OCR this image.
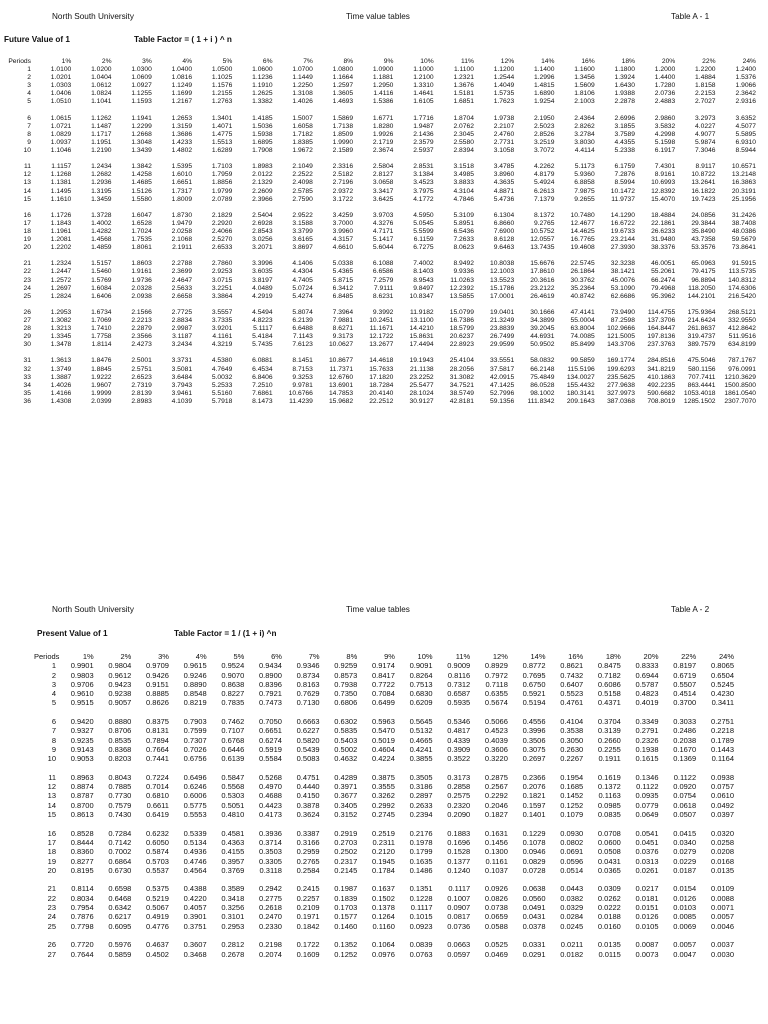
North South University	Time value tables	Table A - 1
Future Value of 1	Table Factor = ( 1 + i ) ^ n
Periods	1%	2%	3%	4%	5%	6%	7%	8%	9%	10%	11%	12%	14%	16%	18%	20%	22%	24%
1	1.0100	1.0200	1.0300	1.0400	1.0500	1.0600	1.0700	1.0800	1.0900	1.1000	1.1100	1.1200	1.1400	1.1600	1.1800	1.2000	1.2200	1.2400
2	1.0201	1.0404	1.0609	1.0816	1.1025	1.1236	1.1449	1.1664	1.1881	1.2100	1.2321	1.2544	1.2996	1.3456	1.3924	1.4400	1.4884	1.5376
3	1.0303	1.0612	1.0927	1.1249	1.1576	1.1910	1.2250	1.2597	1.2950	1.3310	1.3676	1.4049	1.4815	1.5609	1.6430	1.7280	1.8158	1.9066
4	1.0406	1.0824	1.1255	1.1699	1.2155	1.2625	1.3108	1.3605	1.4116	1.4641	1.5181	1.5735	1.6890	1.8106	1.9388	2.0736	2.2153	2.3642
5	1.0510	1.1041	1.1593	1.2167	1.2763	1.3382	1.4026	1.4693	1.5386	1.6105	1.6851	1.7623	1.9254	2.1003	2.2878	2.4883	2.7027	2.9316

6	1.0615	1.1262	1.1941	1.2653	1.3401	1.4185	1.5007	1.5869	1.6771	1.7716	1.8704	1.9738	2.1950	2.4364	2.6996	2.9860	3.2973	3.6352
7	1.0721	1.1487	1.2299	1.3159	1.4071	1.5036	1.6058	1.7138	1.8280	1.9487	2.0762	2.2107	2.5023	2.8262	3.1855	3.5832	4.0227	4.5077
8	1.0829	1.1717	1.2668	1.3686	1.4775	1.5938	1.7182	1.8509	1.9926	2.1436	2.3045	2.4760	2.8526	3.2784	3.7589	4.2998	4.9077	5.5895
9	1.0937	1.1951	1.3048	1.4233	1.5513	1.6895	1.8385	1.9990	2.1719	2.3579	2.5580	2.7731	3.2519	3.8030	4.4355	5.1598	5.9874	6.9310
10	1.1046	1.2190	1.3439	1.4802	1.6289	1.7908	1.9672	2.1589	2.3674	2.5937	2.8394	3.1058	3.7072	4.4114	5.2338	6.1917	7.3046	8.5944

11	1.1157	1.2434	1.3842	1.5395	1.7103	1.8983	2.1049	2.3316	2.5804	2.8531	3.1518	3.4785	4.2262	5.1173	6.1759	7.4301	8.9117	10.6571
12	1.1268	1.2682	1.4258	1.6010	1.7959	2.0122	2.2522	2.5182	2.8127	3.1384	3.4985	3.8960	4.8179	5.9360	7.2876	8.9161	10.8722	13.2148
13	1.1381	1.2936	1.4685	1.6651	1.8856	2.1329	2.4098	2.7196	3.0658	3.4523	3.8833	4.3635	5.4924	6.8858	8.5994	10.6993	13.2641	16.3863
14	1.1495	1.3195	1.5126	1.7317	1.9799	2.2609	2.5785	2.9372	3.3417	3.7975	4.3104	4.8871	6.2613	7.9875	10.1472	12.8392	16.1822	20.3191
15	1.1610	1.3459	1.5580	1.8009	2.0789	2.3966	2.7590	3.1722	3.6425	4.1772	4.7846	5.4736	7.1379	9.2655	11.9737	15.4070	19.7423	25.1956

16	1.1726	1.3728	1.6047	1.8730	2.1829	2.5404	2.9522	3.4259	3.9703	4.5950	5.3109	6.1304	8.1372	10.7480	14.1290	18.4884	24.0856	31.2426
17	1.1843	1.4002	1.6528	1.9479	2.2920	2.6928	3.1588	3.7000	4.3276	5.0545	5.8951	6.8660	9.2765	12.4677	16.6722	22.1861	29.3844	38.7408
18	1.1961	1.4282	1.7024	2.0258	2.4066	2.8543	3.3799	3.9960	4.7171	5.5599	6.5436	7.6900	10.5752	14.4625	19.6733	26.6233	35.8490	48.0386
19	1.2081	1.4568	1.7535	2.1068	2.5270	3.0256	3.6165	4.3157	5.1417	6.1159	7.2633	8.6128	12.0557	16.7765	23.2144	31.9480	43.7358	59.5679
20	1.2202	1.4859	1.8061	2.1911	2.6533	3.2071	3.8697	4.6610	5.6044	6.7275	8.0623	9.6463	13.7435	19.4608	27.3930	38.3376	53.3576	73.8641

21	1.2324	1.5157	1.8603	2.2788	2.7860	3.3996	4.1406	5.0338	6.1088	7.4002	8.9492	10.8038	15.6676	22.5745	32.3238	46.0051	65.0963	91.5915
22	1.2447	1.5460	1.9161	2.3699	2.9253	3.6035	4.4304	5.4365	6.6586	8.1403	9.9336	12.1003	17.8610	26.1864	38.1421	55.2061	79.4175	113.5735
23	1.2572	1.5769	1.9736	2.4647	3.0715	3.8197	4.7405	5.8715	7.2579	8.9543	11.0263	13.5523	20.3616	30.3762	45.0076	66.2474	96.8894	140.8312
24	1.2697	1.6084	2.0328	2.5633	3.2251	4.0489	5.0724	6.3412	7.9111	9.8497	12.2392	15.1786	23.2122	35.2364	53.1090	79.4968	118.2050	174.6306
25	1.2824	1.6406	2.0938	2.6658	3.3864	4.2919	5.4274	6.8485	8.6231	10.8347	13.5855	17.0001	26.4619	40.8742	62.6686	95.3962	144.2101	216.5420

26	1.2953	1.6734	2.1566	2.7725	3.5557	4.5494	5.8074	7.3964	9.3992	11.9182	15.0799	19.0401	30.1666	47.4141	73.9490	114.4755	175.9364	268.5121
27	1.3082	1.7069	2.2213	2.8834	3.7335	4.8223	6.2139	7.9881	10.2451	13.1100	16.7386	21.3249	34.3899	55.0004	87.2598	137.3706	214.6424	332.9550
28	1.3213	1.7410	2.2879	2.9987	3.9201	5.1117	6.6488	8.6271	11.1671	14.4210	18.5799	23.8839	39.2045	63.8004	102.9666	164.8447	261.8637	412.8642
29	1.3345	1.7758	2.3566	3.1187	4.1161	5.4184	7.1143	9.3173	12.1722	15.8631	20.6237	26.7499	44.6931	74.0085	121.5005	197.8136	319.4737	511.9516
30	1.3478	1.8114	2.4273	3.2434	4.3219	5.7435	7.6123	10.0627	13.2677	17.4494	22.8923	29.9599	50.9502	85.8499	143.3706	237.3763	389.7579	634.8199

31	1.3613	1.8476	2.5001	3.3731	4.5380	6.0881	8.1451	10.8677	14.4618	19.1943	25.4104	33.5551	58.0832	99.5859	169.1774	284.8516	475.5046	787.1767
32	1.3749	1.8845	2.5751	3.5081	4.7649	6.4534	8.7153	11.7371	15.7633	21.1138	28.2056	37.5817	66.2148	115.5196	199.6293	341.8219	580.1156	976.0991
33	1.3887	1.9222	2.6523	3.6484	5.0032	6.8406	9.3253	12.6760	17.1820	23.2252	31.3082	42.0915	75.4849	134.0027	235.5625	410.1863	707.7411	1210.3629
34	1.4026	1.9607	2.7319	3.7943	5.2533	7.2510	9.9781	13.6901	18.7284	25.5477	34.7521	47.1425	86.0528	155.4432	277.9638	492.2235	863.4441	1500.8500
35	1.4166	1.9999	2.8139	3.9461	5.5160	7.6861	10.6766	14.7853	20.4140	28.1024	38.5749	52.7996	98.1002	180.3141	327.9973	590.6682	1053.4018	1861.0540
36	1.4308	2.0399	2.8983	4.1039	5.7918	8.1473	11.4239	15.9682	22.2512	30.9127	42.8181	59.1356	111.8342	209.1643	387.0368	708.8019	1285.1502	2307.7070
North South University	Time value tables	Table A - 2
Present Value of 1	Table Factor = 1 / (1 + i) ^n
Periods	1%	2%	3%	4%	5%	6%	7%	8%	9%	10%	11%	12%	14%	16%	18%	20%	22%	24%
1	0.9901	0.9804	0.9709	0.9615	0.9524	0.9434	0.9346	0.9259	0.9174	0.9091	0.9009	0.8929	0.8772	0.8621	0.8475	0.8333	0.8197	0.8065
2	0.9803	0.9612	0.9426	0.9246	0.9070	0.8900	0.8734	0.8573	0.8417	0.8264	0.8116	0.7972	0.7695	0.7432	0.7182	0.6944	0.6719	0.6504
3	0.9706	0.9423	0.9151	0.8890	0.8638	0.8396	0.8163	0.7938	0.7722	0.7513	0.7312	0.7118	0.6750	0.6407	0.6086	0.5787	0.5507	0.5245
4	0.9610	0.9238	0.8885	0.8548	0.8227	0.7921	0.7629	0.7350	0.7084	0.6830	0.6587	0.6355	0.5921	0.5523	0.5158	0.4823	0.4514	0.4230
5	0.9515	0.9057	0.8626	0.8219	0.7835	0.7473	0.7130	0.6806	0.6499	0.6209	0.5935	0.5674	0.5194	0.4761	0.4371	0.4019	0.3700	0.3411

6	0.9420	0.8880	0.8375	0.7903	0.7462	0.7050	0.6663	0.6302	0.5963	0.5645	0.5346	0.5066	0.4556	0.4104	0.3704	0.3349	0.3033	0.2751
7	0.9327	0.8706	0.8131	0.7599	0.7107	0.6651	0.6227	0.5835	0.5470	0.5132	0.4817	0.4523	0.3996	0.3538	0.3139	0.2791	0.2486	0.2218
8	0.9235	0.8535	0.7894	0.7307	0.6768	0.6274	0.5820	0.5403	0.5019	0.4665	0.4339	0.4039	0.3506	0.3050	0.2660	0.2326	0.2038	0.1789
9	0.9143	0.8368	0.7664	0.7026	0.6446	0.5919	0.5439	0.5002	0.4604	0.4241	0.3909	0.3606	0.3075	0.2630	0.2255	0.1938	0.1670	0.1443
10	0.9053	0.8203	0.7441	0.6756	0.6139	0.5584	0.5083	0.4632	0.4224	0.3855	0.3522	0.3220	0.2697	0.2267	0.1911	0.1615	0.1369	0.1164

11	0.8963	0.8043	0.7224	0.6496	0.5847	0.5268	0.4751	0.4289	0.3875	0.3505	0.3173	0.2875	0.2366	0.1954	0.1619	0.1346	0.1122	0.0938
12	0.8874	0.7885	0.7014	0.6246	0.5568	0.4970	0.4440	0.3971	0.3555	0.3186	0.2858	0.2567	0.2076	0.1685	0.1372	0.1122	0.0920	0.0757
13	0.8787	0.7730	0.6810	0.6006	0.5303	0.4688	0.4150	0.3677	0.3262	0.2897	0.2575	0.2292	0.1821	0.1452	0.1163	0.0935	0.0754	0.0610
14	0.8700	0.7579	0.6611	0.5775	0.5051	0.4423	0.3878	0.3405	0.2992	0.2633	0.2320	0.2046	0.1597	0.1252	0.0985	0.0779	0.0618	0.0492
15	0.8613	0.7430	0.6419	0.5553	0.4810	0.4173	0.3624	0.3152	0.2745	0.2394	0.2090	0.1827	0.1401	0.1079	0.0835	0.0649	0.0507	0.0397

16	0.8528	0.7284	0.6232	0.5339	0.4581	0.3936	0.3387	0.2919	0.2519	0.2176	0.1883	0.1631	0.1229	0.0930	0.0708	0.0541	0.0415	0.0320
17	0.8444	0.7142	0.6050	0.5134	0.4363	0.3714	0.3166	0.2703	0.2311	0.1978	0.1696	0.1456	0.1078	0.0802	0.0600	0.0451	0.0340	0.0258
18	0.8360	0.7002	0.5874	0.4936	0.4155	0.3503	0.2959	0.2502	0.2120	0.1799	0.1528	0.1300	0.0946	0.0691	0.0508	0.0376	0.0279	0.0208
19	0.8277	0.6864	0.5703	0.4746	0.3957	0.3305	0.2765	0.2317	0.1945	0.1635	0.1377	0.1161	0.0829	0.0596	0.0431	0.0313	0.0229	0.0168
20	0.8195	0.6730	0.5537	0.4564	0.3769	0.3118	0.2584	0.2145	0.1784	0.1486	0.1240	0.1037	0.0728	0.0514	0.0365	0.0261	0.0187	0.0135

21	0.8114	0.6598	0.5375	0.4388	0.3589	0.2942	0.2415	0.1987	0.1637	0.1351	0.1117	0.0926	0.0638	0.0443	0.0309	0.0217	0.0154	0.0109
22	0.8034	0.6468	0.5219	0.4220	0.3418	0.2775	0.2257	0.1839	0.1502	0.1228	0.1007	0.0826	0.0560	0.0382	0.0262	0.0181	0.0126	0.0088
23	0.7954	0.6342	0.5067	0.4057	0.3256	0.2618	0.2109	0.1703	0.1378	0.1117	0.0907	0.0738	0.0491	0.0329	0.0222	0.0151	0.0103	0.0071
24	0.7876	0.6217	0.4919	0.3901	0.3101	0.2470	0.1971	0.1577	0.1264	0.1015	0.0817	0.0659	0.0431	0.0284	0.0188	0.0126	0.0085	0.0057
25	0.7798	0.6095	0.4776	0.3751	0.2953	0.2330	0.1842	0.1460	0.1160	0.0923	0.0736	0.0588	0.0378	0.0245	0.0160	0.0105	0.0069	0.0046

26	0.7720	0.5976	0.4637	0.3607	0.2812	0.2198	0.1722	0.1352	0.1064	0.0839	0.0663	0.0525	0.0331	0.0211	0.0135	0.0087	0.0057	0.0037
27	0.7644	0.5859	0.4502	0.3468	0.2678	0.2074	0.1609	0.1252	0.0976	0.0763	0.0597	0.0469	0.0291	0.0182	0.0115	0.0073	0.0047	0.0030
